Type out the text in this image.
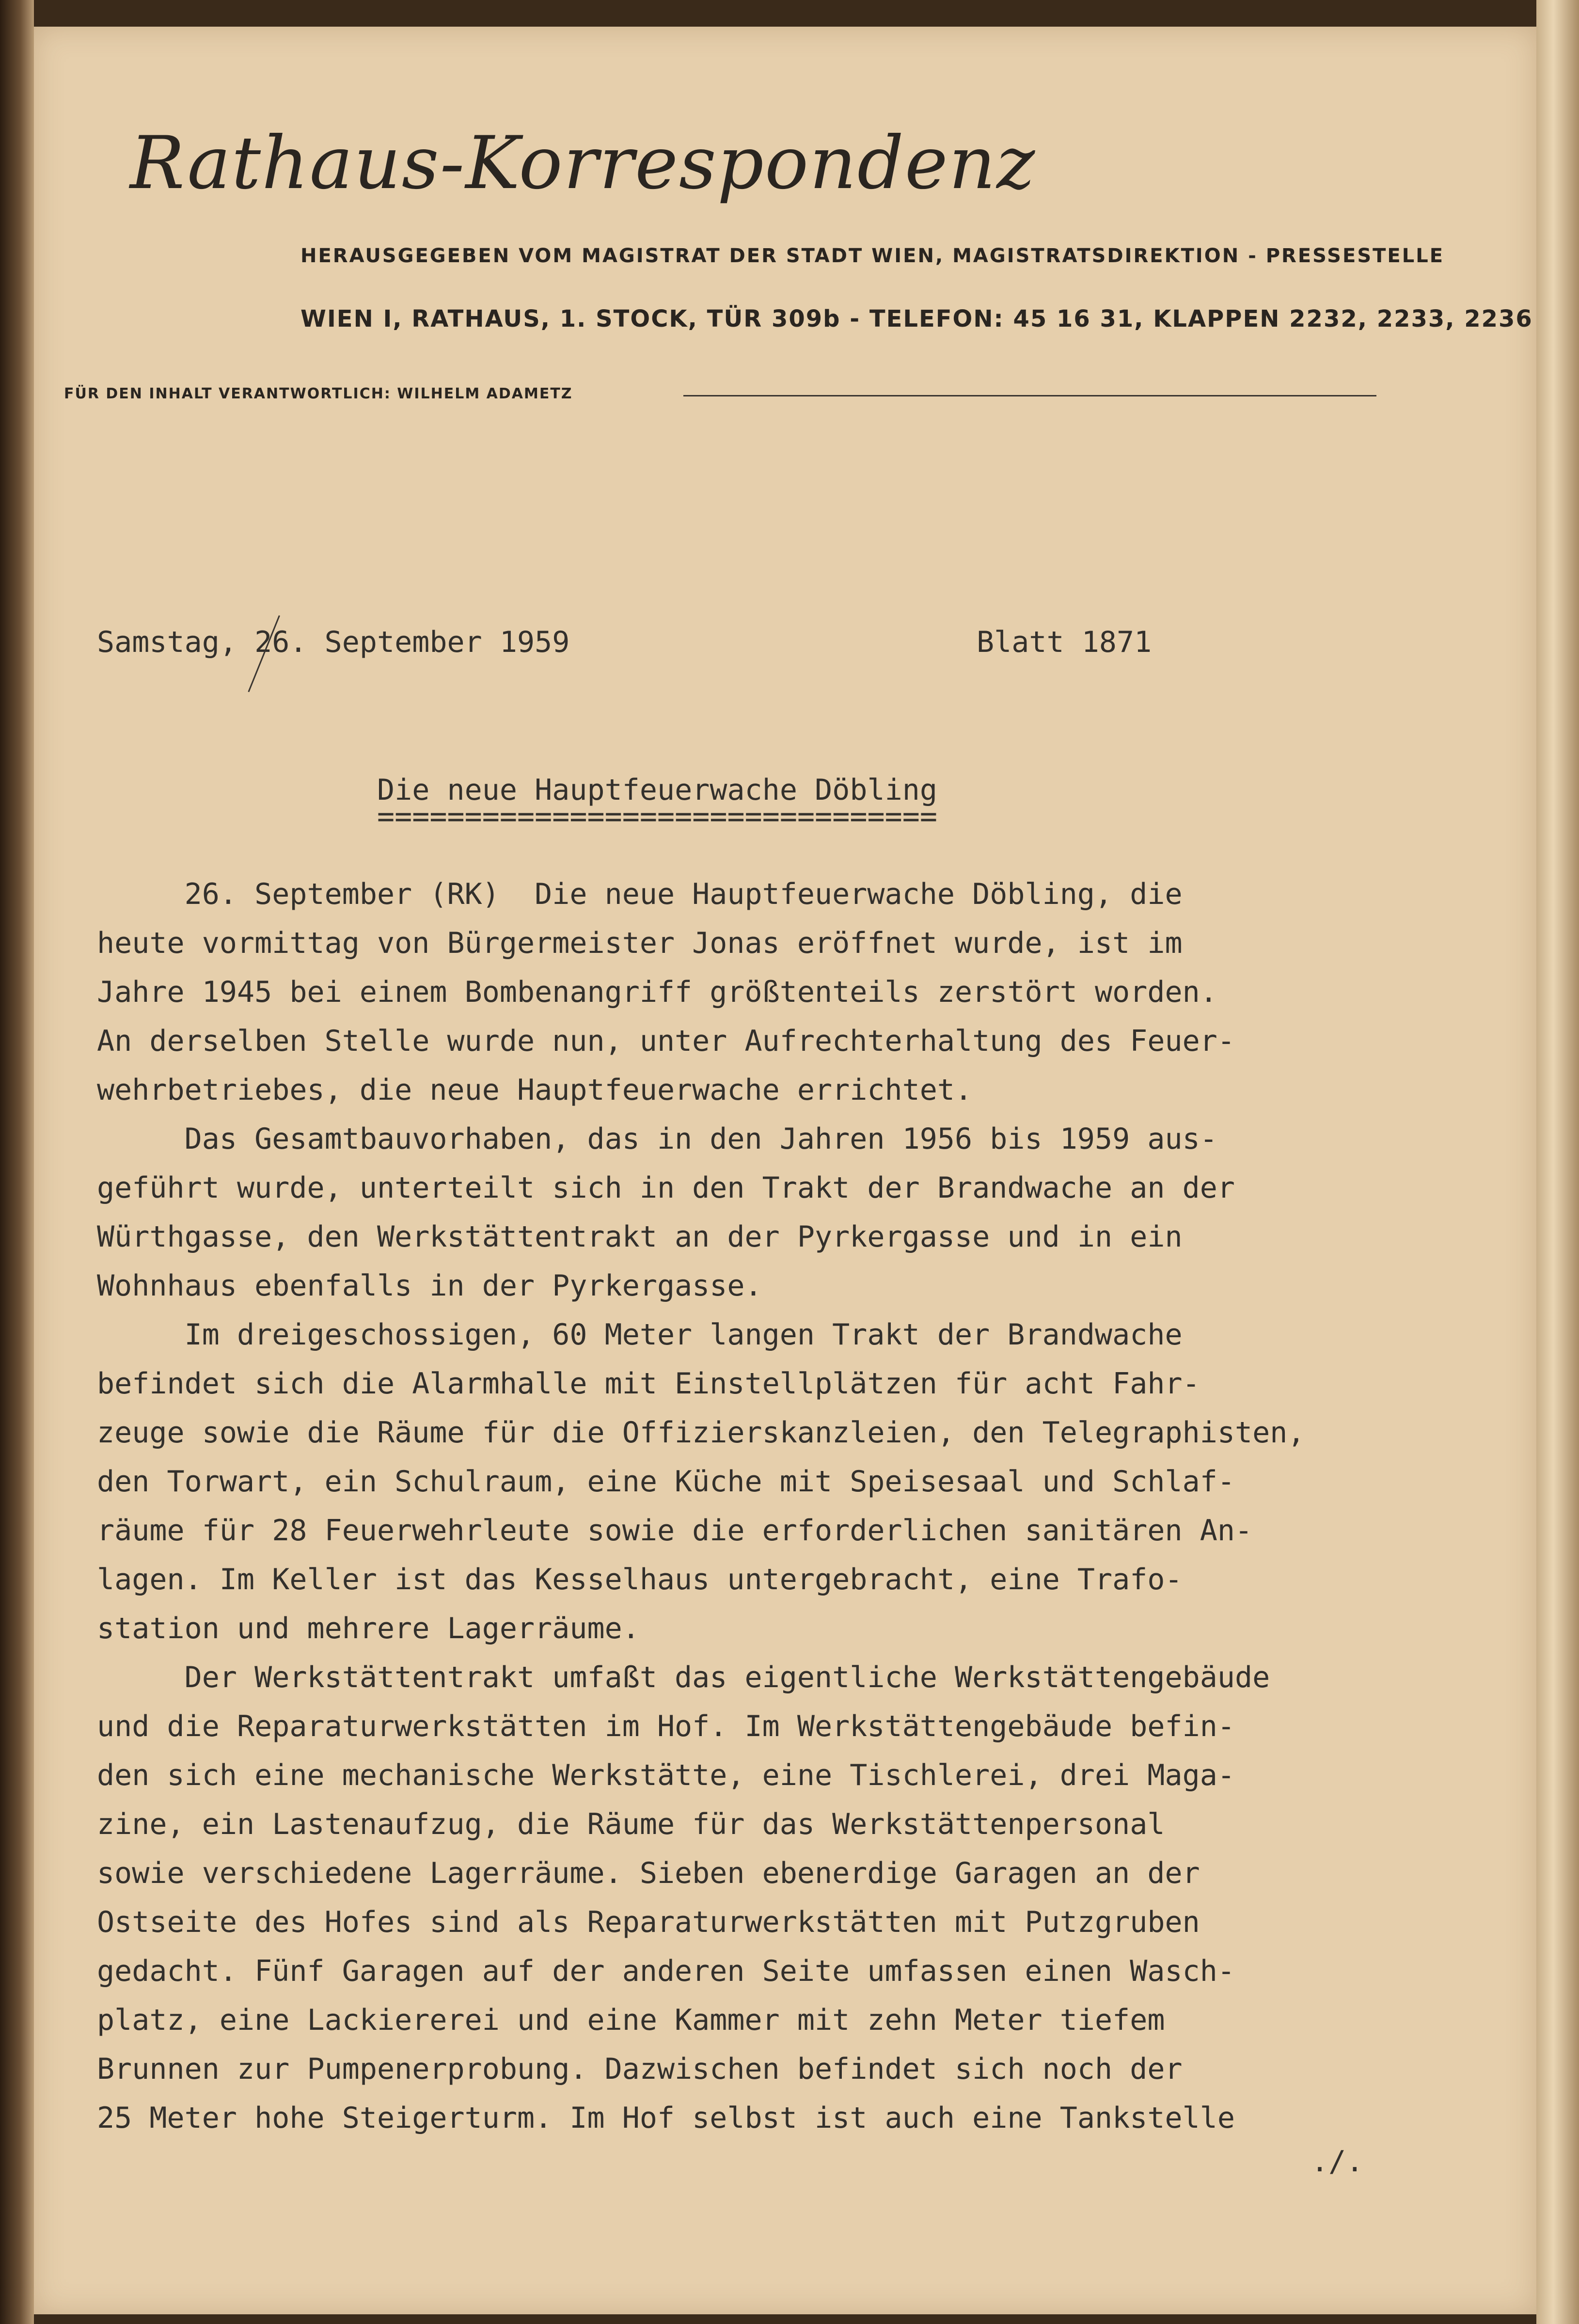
Rathaus-Korrespondenz
HERAUSGEGEBEN VOM MAGISTRAT DER STADT WIEN, MAGISTRATSDIREKTION - PRESSESTELLE
WIEN I, RATHAUS, 1. STOCK, TÜR 309b - TELEFON: 45 16 31, KLAPPEN 2232, 2233, 2236
FÜR DEN INHALT VERANTWORTLICH: WILHELM ADAMETZ
Samstag, 26. September 1959	Blatt 1871
Die neue Hauptfeuerwache Döbling
================================
26. September (RK)  Die neue Hauptfeuerwache Döbling, die
heute vormittag von Bürgermeister Jonas eröffnet wurde, ist im
Jahre 1945 bei einem Bombenangriff größtenteils zerstört worden.
An derselben Stelle wurde nun, unter Aufrechterhaltung des Feuer-
wehrbetriebes, die neue Hauptfeuerwache errichtet.
Das Gesamtbauvorhaben, das in den Jahren 1956 bis 1959 aus-
geführt wurde, unterteilt sich in den Trakt der Brandwache an der
Würthgasse, den Werkstättentrakt an der Pyrkergasse und in ein
Wohnhaus ebenfalls in der Pyrkergasse.
Im dreigeschossigen, 60 Meter langen Trakt der Brandwache
befindet sich die Alarmhalle mit Einstellplätzen für acht Fahr-
zeuge sowie die Räume für die Offizierskanzleien, den Telegraphisten,
den Torwart, ein Schulraum, eine Küche mit Speisesaal und Schlaf-
räume für 28 Feuerwehrleute sowie die erforderlichen sanitären An-
lagen. Im Keller ist das Kesselhaus untergebracht, eine Trafo-
station und mehrere Lagerräume.
Der Werkstättentrakt umfaßt das eigentliche Werkstättengebäude
und die Reparaturwerkstätten im Hof. Im Werkstättengebäude befin-
den sich eine mechanische Werkstätte, eine Tischlerei, drei Maga-
zine, ein Lastenaufzug, die Räume für das Werkstättenpersonal
sowie verschiedene Lagerräume. Sieben ebenerdige Garagen an der
Ostseite des Hofes sind als Reparaturwerkstätten mit Putzgruben
gedacht. Fünf Garagen auf der anderen Seite umfassen einen Wasch-
platz, eine Lackiererei und eine Kammer mit zehn Meter tiefem
Brunnen zur Pumpenerprobung. Dazwischen befindet sich noch der
25 Meter hohe Steigerturm. Im Hof selbst ist auch eine Tankstelle
./.
